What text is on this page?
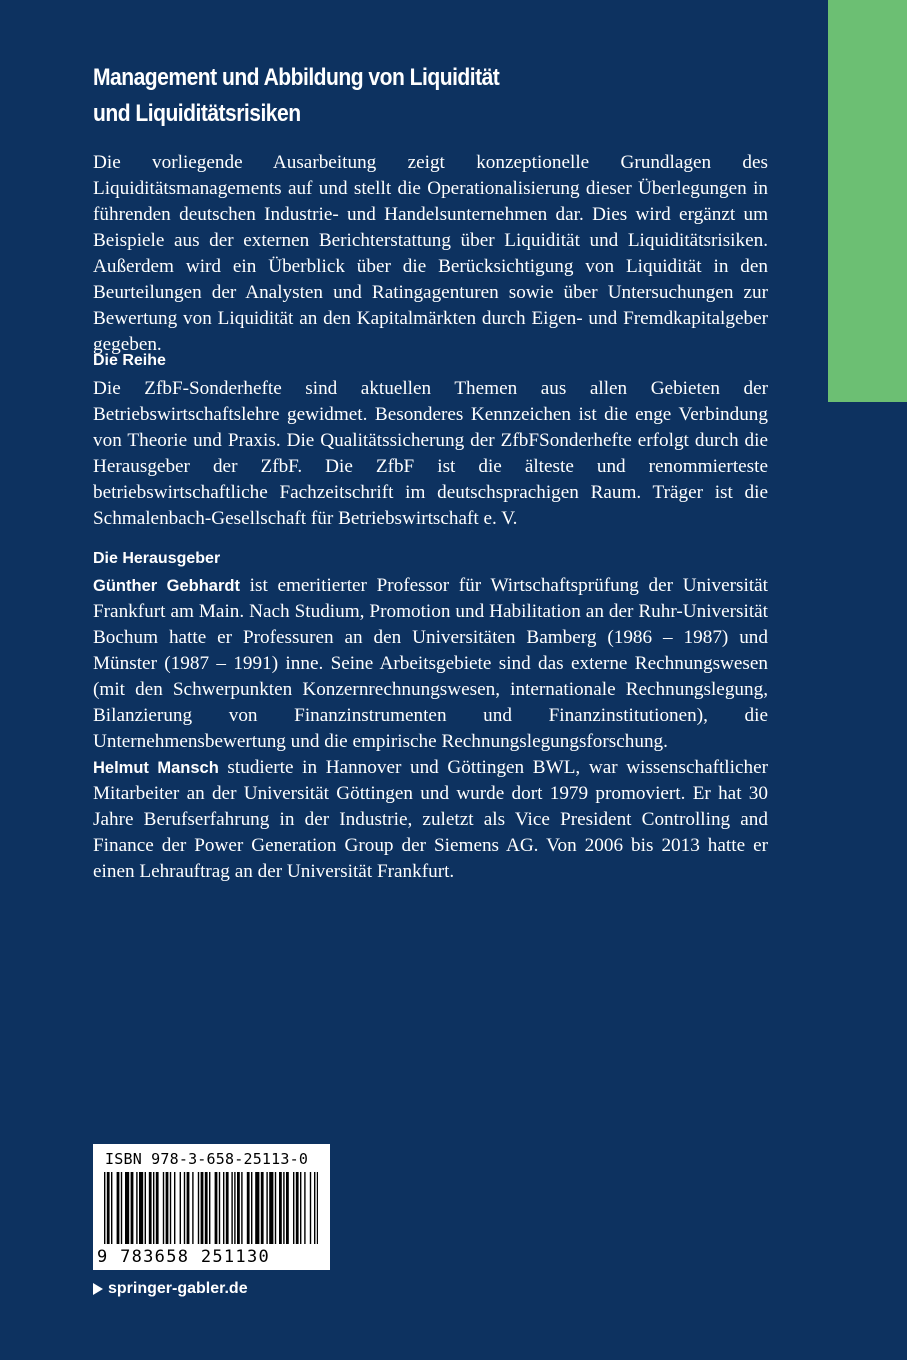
Management und Abbildung von Liquidität
und Liquiditätsrisiken
Die vorliegende Ausarbeitung zeigt konzeptionelle Grundlagen des Liquiditätsmanagements auf und stellt die Operationalisierung dieser Überlegungen in führenden deutschen Industrie- und Handelsunternehmen dar. Dies wird ergänzt um Beispiele aus der externen Berichterstattung über Liquidität und Liquiditätsrisiken. Außerdem wird ein Überblick über die Berücksichtigung von Liquidität in den Beurteilungen der Analysten und Ratingagenturen sowie über Untersuchungen zur Bewertung von Liquidität an den Kapitalmärkten durch Eigen- und Fremdkapitalgeber gegeben.
Die Reihe
Die ZfbF-Sonderhefte sind aktuellen Themen aus allen Gebieten der Betriebswirtschaftslehre gewidmet. Besonderes Kennzeichen ist die enge Verbindung von Theorie und Praxis. Die Qualitätssicherung der ZfbFSonderhefte erfolgt durch die Herausgeber der ZfbF. Die ZfbF ist die älteste und renommierteste betriebswirtschaftliche Fachzeitschrift im deutschsprachigen Raum. Träger ist die Schmalenbach-Gesellschaft für Betriebswirtschaft e. V.
Die Herausgeber
Günther Gebhardt ist emeritierter Professor für Wirtschaftsprüfung der Universität Frankfurt am Main. Nach Studium, Promotion und Habilitation an der Ruhr-Universität Bochum hatte er Professuren an den Universitäten Bamberg (1986 – 1987) und Münster (1987 – 1991) inne. Seine Arbeitsgebiete sind das externe Rechnungswesen (mit den Schwerpunkten Konzernrechnungswesen, internationale Rechnungslegung, Bilanzierung von Finanzinstrumenten und Finanzinstitutionen), die Unternehmensbewertung und die empirische Rechnungslegungsforschung.
Helmut Mansch studierte in Hannover und Göttingen BWL, war wissenschaftlicher Mitarbeiter an der Universität Göttingen und wurde dort 1979 promoviert. Er hat 30 Jahre Berufserfahrung in der Industrie, zuletzt als Vice President Controlling and Finance der Power Generation Group der Siemens AG. Von 2006 bis 2013 hatte er einen Lehrauftrag an der Universität Frankfurt.
ISBN 978-3-658-25113-0
9 783658 251130
springer-gabler.de
